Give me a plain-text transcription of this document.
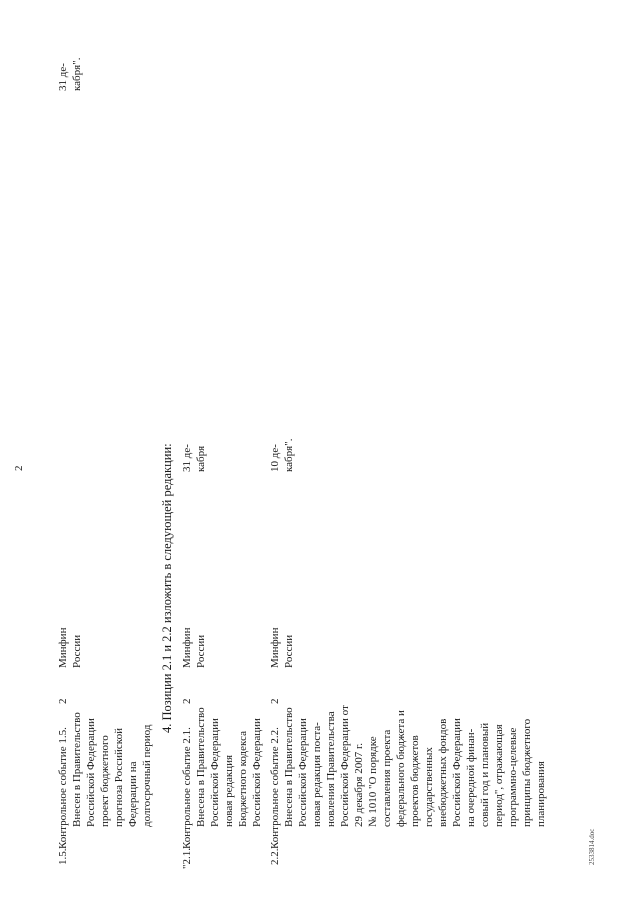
2
1.5.
Контрольное событие 1.5. Внесен в Правительство Российской Федерации проект бюджетного прогноза Российской Федерации на долгосрочный период
2
Минфин России
31 де- кабря".
4. Позиции 2.1 и 2.2 изложить в следующей редакции:
"2.1.
Контрольное событие 2.1. Внесена в Правительство Российской Федерации новая редакция Бюджетного кодекса Российской Федерации
2
Минфин России
31 де- кабря
2.2.
Контрольное событие 2.2. Внесена в Правительство Российской Федерации новая редакция поста- новления Правительства Российской Федерации от 29 декабря 2007 г. № 1010 "О порядке составления проекта федерального бюджета и проектов бюджетов государственных внебюджетных фондов Российской Федерации на очередной финан- совый год и плановый период", отражающая программно-целевые принципы бюджетного планирования
2
Минфин России
10 де- кабря".
2533814.doc
